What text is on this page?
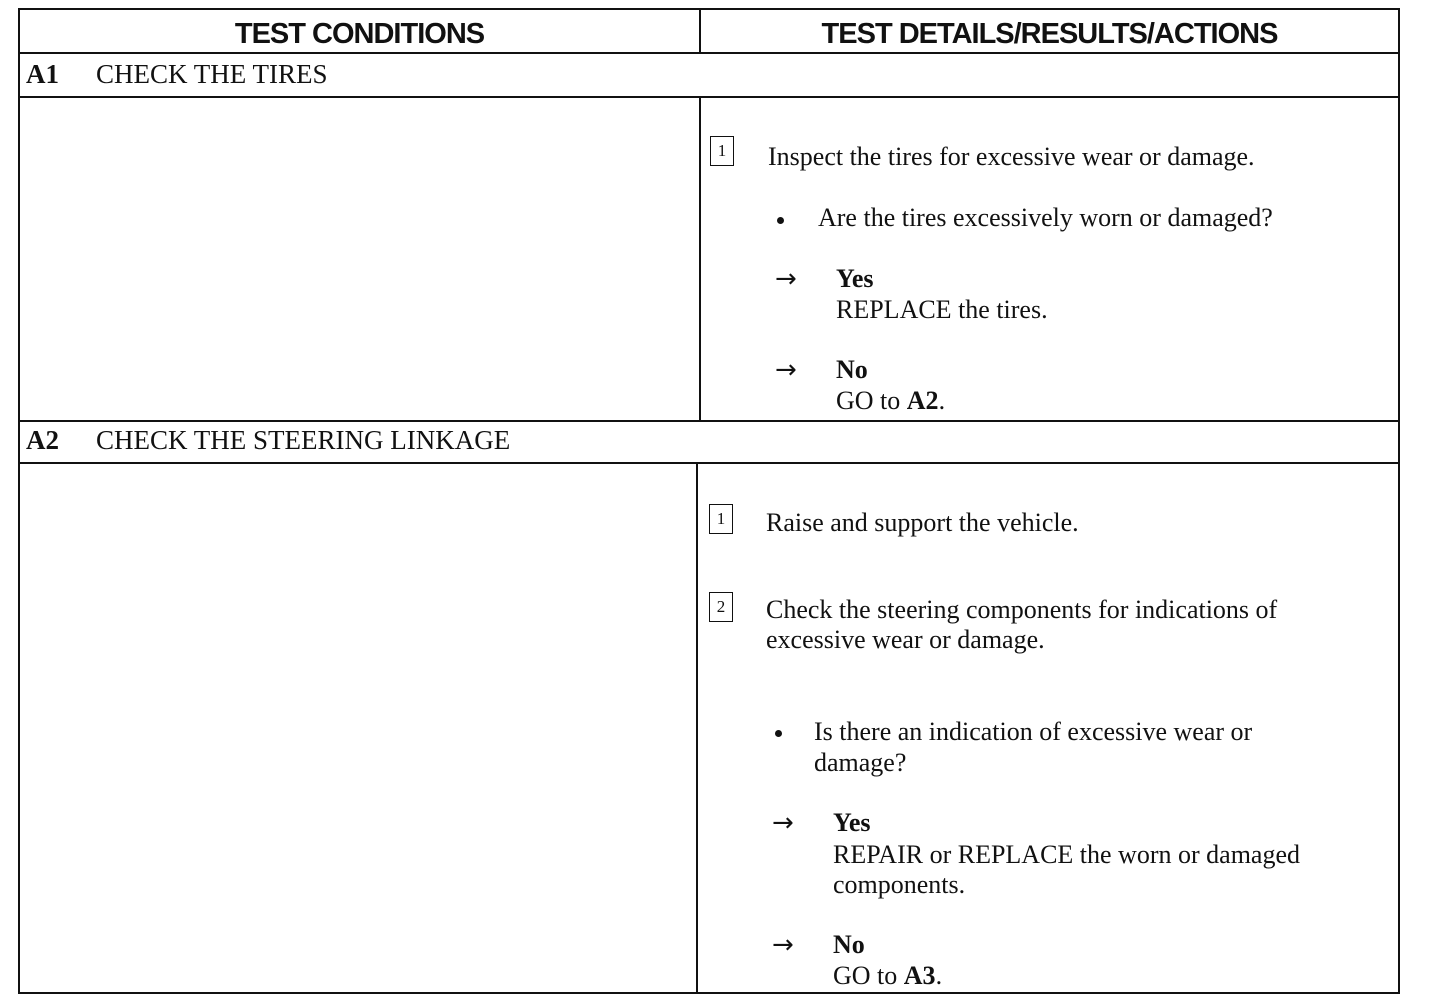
TEST CONDITIONS	TEST DETAILS/RESULTS/ACTIONS
A1 CHECK THE TIRES
1 Inspect the tires for excessive wear or damage.
Are the tires excessively worn or damaged?
→ Yes
REPLACE the tires.
→ No
GO to A2.
A2 CHECK THE STEERING LINKAGE
1 Raise and support the vehicle.
2 Check the steering components for indications of
excessive wear or damage.
Is there an indication of excessive wear or
damage?
→ Yes
REPAIR or REPLACE the worn or damaged
components.
→ No
GO to A3.
